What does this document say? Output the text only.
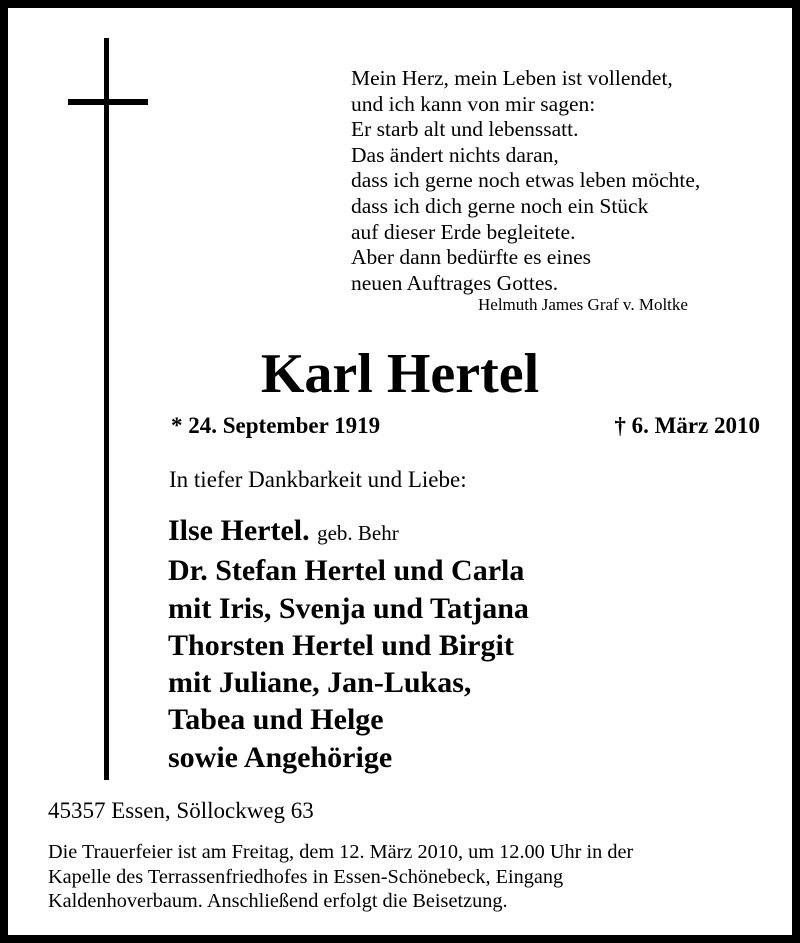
Mein Herz, mein Leben ist vollendet,
und ich kann von mir sagen:
Er starb alt und lebenssatt.
Das ändert nichts daran,
dass ich gerne noch etwas leben möchte,
dass ich dich gerne noch ein Stück
auf dieser Erde begleitete.
Aber dann bedürfte es eines
neuen Auftrages Gottes.
Helmuth James Graf v. Moltke
Karl Hertel
* 24. September 1919	† 6. März 2010
In tiefer Dankbarkeit und Liebe:
Ilse Hertel. geb. Behr
Dr. Stefan Hertel und Carla
mit Iris, Svenja und Tatjana
Thorsten Hertel und Birgit
mit Juliane, Jan-Lukas,
Tabea und Helge
sowie Angehörige
45357 Essen, Söllockweg 63
Die Trauerfeier ist am Freitag, dem 12. März 2010, um 12.00 Uhr in der
Kapelle des Terrassenfriedhofes in Essen-Schönebeck, Eingang
Kaldenhoverbaum. Anschließend erfolgt die Beisetzung.
